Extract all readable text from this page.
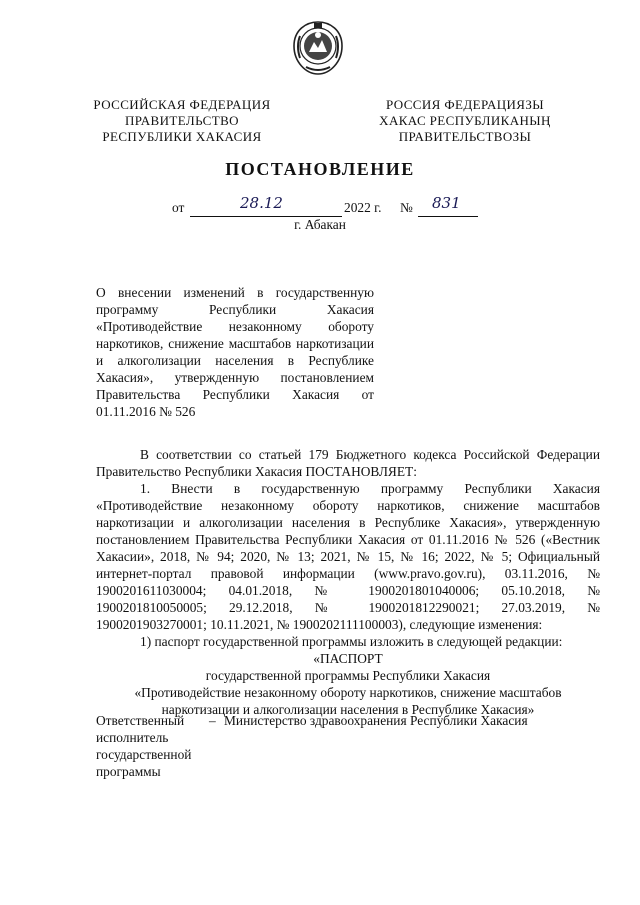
РОССИЙСКАЯ ФЕДЕРАЦИЯ
ПРАВИТЕЛЬСТВО
РЕСПУБЛИКИ ХАКАСИЯ
РОССИЯ ФЕДЕРАЦИЯЗЫ
ХАКАС РЕСПУБЛИКАНЫҢ
ПРАВИТЕЛЬСТВОЗЫ
ПОСТАНОВЛЕНИЕ
от	28.12	2022 г. № 831
г. Абакан
О внесении изменений в государственную программу Республики Хакасия «Противодействие незаконному обороту наркотиков, снижение масштабов наркотизации и алкоголизации населения в Республике Хакасия», утвержденную постановлением Правительства Республики Хакасия от 01.11.2016 № 526

В соответствии со статьей 179 Бюджетного кодекса Российской Федерации Правительство Республики Хакасия ПОСТАНОВЛЯЕТ:

1. Внести в государственную программу Республики Хакасия «Противодействие незаконному обороту наркотиков, снижение масштабов наркотизации и алкоголизации населения в Республике Хакасия», утвержденную постановлением Правительства Республики Хакасия от 01.11.2016 № 526 («Вестник Хакасии», 2018, № 94; 2020, № 13; 2021, № 15, № 16; 2022, № 5; Официальный интернет-портал правовой информации (www.pravo.gov.ru), 03.11.2016, № 1900201611030004; 04.01.2018, № 1900201801040006; 05.10.2018, № 1900201810050005; 29.12.2018, № 1900201812290021; 27.03.2019, № 1900201903270001; 10.11.2021, № 1900202111100003), следующие изменения:

1) паспорт государственной программы изложить в следующей редакции:

«ПАСПОРТ

государственной программы Республики Хакасия

«Противодействие незаконному обороту наркотиков, снижение масштабов

наркотизации и алкоголизации населения в Республике Хакасия»

Ответственный исполнитель государственной программы
– Министерство здравоохранения Республики Хакасия
